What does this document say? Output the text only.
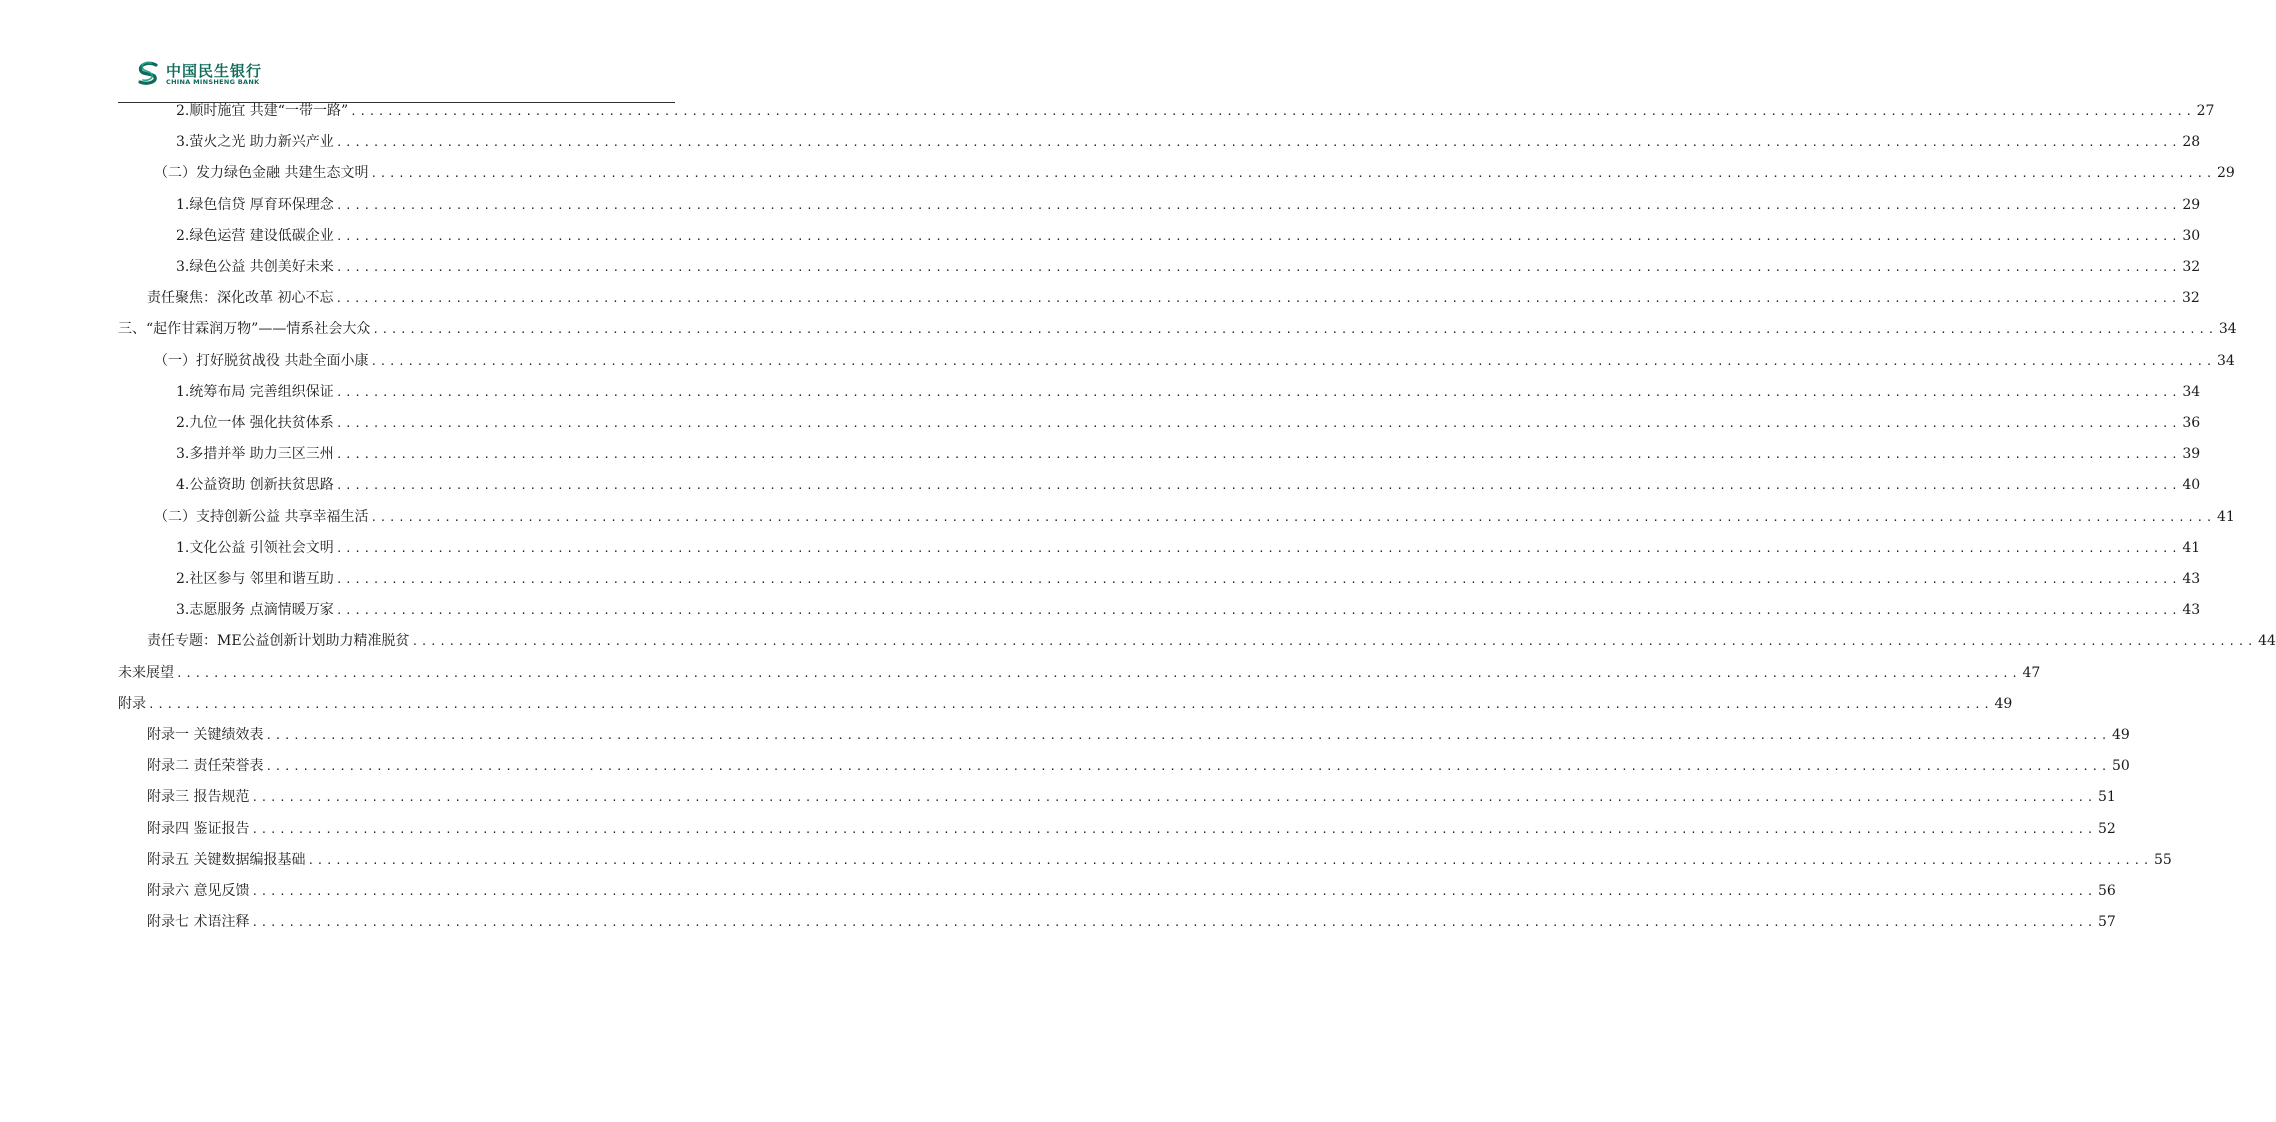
中国民生银行
CHINA MINSHENG BANK
2.顺时施宜 共建“一带一路” ........................................................................................................................................................................................................ 27
3.萤火之光 助力新兴产业 ........................................................................................................................................................................................................ 28
（二）发力绿色金融 共建生态文明 ........................................................................................................................................................................................................ 29
1.绿色信贷 厚育环保理念 ........................................................................................................................................................................................................ 29
2.绿色运营 建设低碳企业 ........................................................................................................................................................................................................ 30
3.绿色公益 共创美好未来 ........................................................................................................................................................................................................ 32
责任聚焦：深化改革 初心不忘 ........................................................................................................................................................................................................ 32
三、“起作甘霖润万物”——情系社会大众 ........................................................................................................................................................................................................ 34
（一）打好脱贫战役 共赴全面小康 ........................................................................................................................................................................................................ 34
1.统筹布局 完善组织保证 ........................................................................................................................................................................................................ 34
2.九位一体 强化扶贫体系 ........................................................................................................................................................................................................ 36
3.多措并举 助力三区三州 ........................................................................................................................................................................................................ 39
4.公益资助 创新扶贫思路 ........................................................................................................................................................................................................ 40
（二）支持创新公益 共享幸福生活 ........................................................................................................................................................................................................ 41
1.文化公益 引领社会文明 ........................................................................................................................................................................................................ 41
2.社区参与 邻里和谐互助 ........................................................................................................................................................................................................ 43
3.志愿服务 点滴情暖万家 ........................................................................................................................................................................................................ 43
责任专题：ME公益创新计划助力精准脱贫 ........................................................................................................................................................................................................ 44
未来展望 ........................................................................................................................................................................................................ 47
附录 ........................................................................................................................................................................................................ 49
附录一 关键绩效表 ........................................................................................................................................................................................................ 49
附录二 责任荣誉表 ........................................................................................................................................................................................................ 50
附录三 报告规范 ........................................................................................................................................................................................................ 51
附录四 鉴证报告 ........................................................................................................................................................................................................ 52
附录五 关键数据编报基础 ........................................................................................................................................................................................................ 55
附录六 意见反馈 ........................................................................................................................................................................................................ 56
附录七 术语注释 ........................................................................................................................................................................................................ 57
